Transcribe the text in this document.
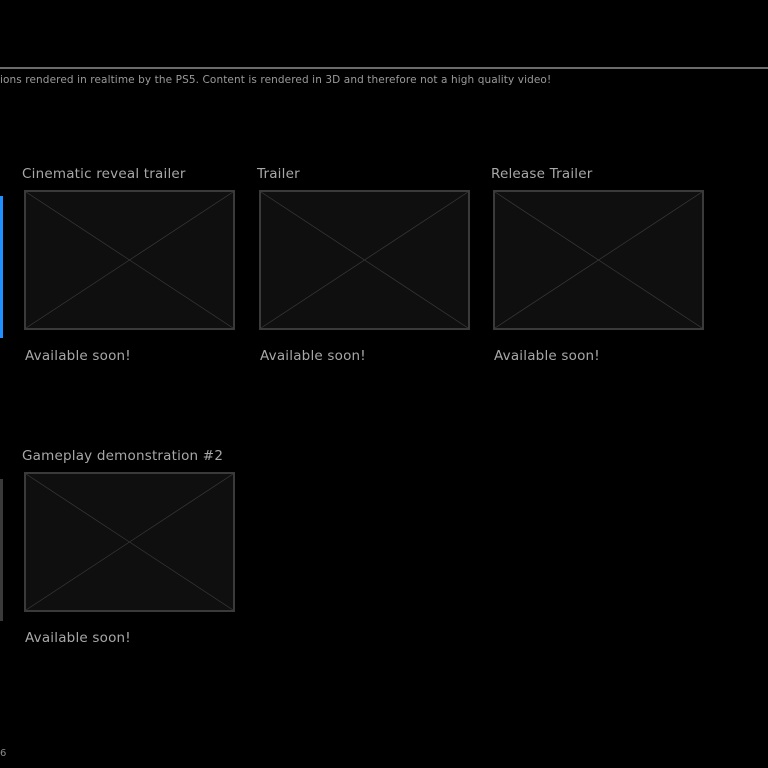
ions rendered in realtime by the PS5. Content is rendered in 3D and therefore not a high quality video!
Cinematic reveal trailer
Available soon!
Trailer
Available soon!
Release Trailer
Available soon!
Gameplay demonstration #2
Available soon!
6
